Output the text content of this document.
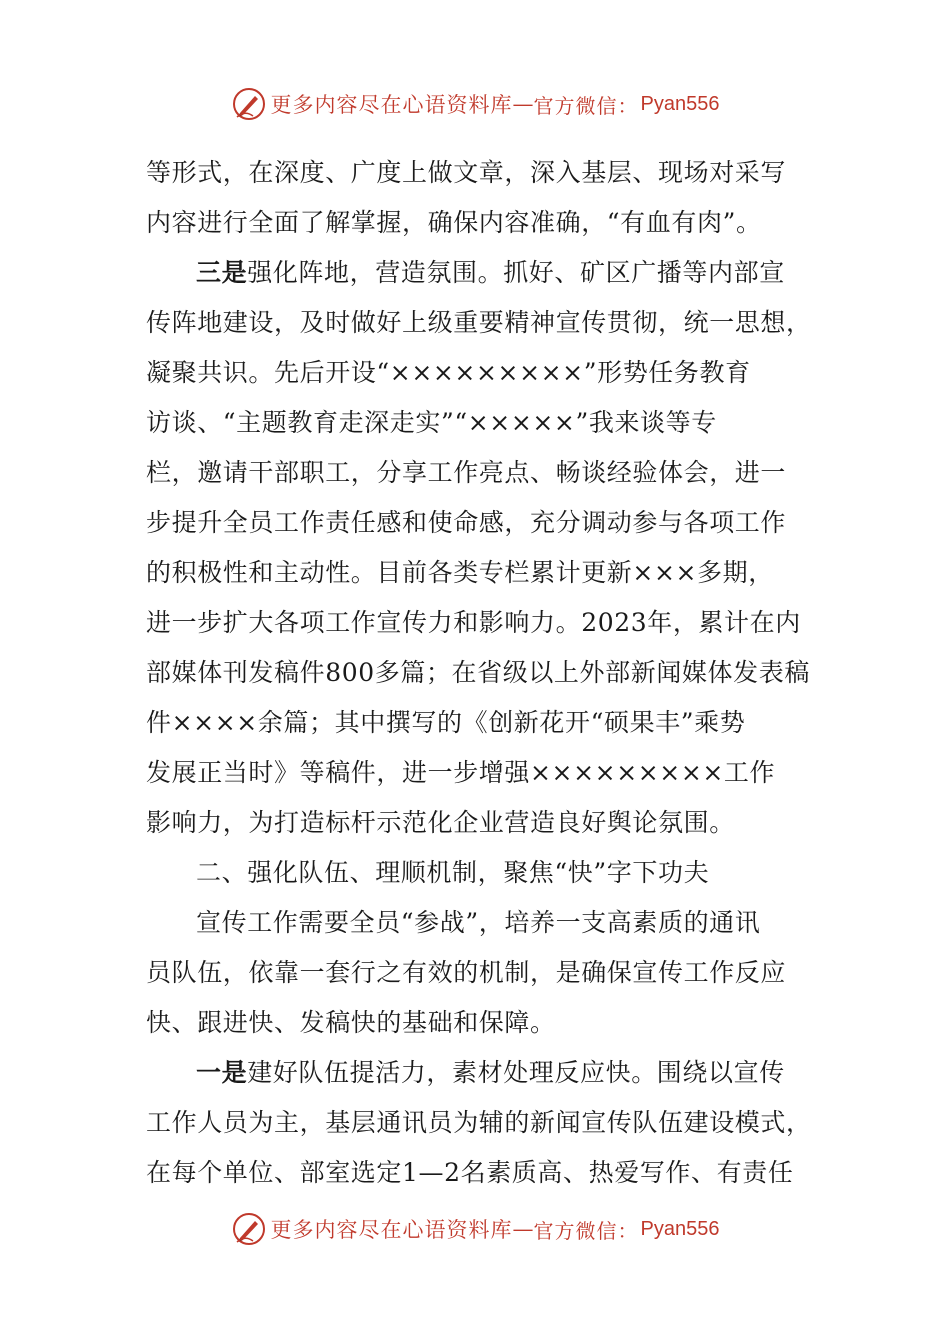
更多内容尽在心语资料库 — 官方微信： Pyan556
等形式，在深度、广度上做文章，深入基层、现场对采写
内容进行全面了解掌握，确保内容准确，“有血有肉”。
三是强化阵地，营造氛围。抓好、矿区广播等内部宣
传阵地建设，及时做好上级重要精神宣传贯彻，统一思想，
凝聚共识。先后开设“×××××××××”形势任务教育
访谈、“主题教育走深走实”“×××××”我来谈等专
栏，邀请干部职工，分享工作亮点、畅谈经验体会，进一
步提升全员工作责任感和使命感，充分调动参与各项工作
的积极性和主动性。目前各类专栏累计更新×××多期，
进一步扩大各项工作宣传力和影响力。2023年，累计在内
部媒体刊发稿件800多篇；在省级以上外部新闻媒体发表稿
件××××余篇；其中撰写的《创新花开“硕果丰”乘势
发展正当时》等稿件，进一步增强×××××××××工作
影响力，为打造标杆示范化企业营造良好舆论氛围。
二、强化队伍、理顺机制，聚焦“快”字下功夫
宣传工作需要全员“参战”，培养一支高素质的通讯
员队伍，依靠一套行之有效的机制，是确保宣传工作反应
快、跟进快、发稿快的基础和保障。
一是建好队伍提活力，素材处理反应快。围绕以宣传
工作人员为主，基层通讯员为辅的新闻宣传队伍建设模式，
在每个单位、部室选定1—2名素质高、热爱写作、有责任
更多内容尽在心语资料库 — 官方微信： Pyan556
